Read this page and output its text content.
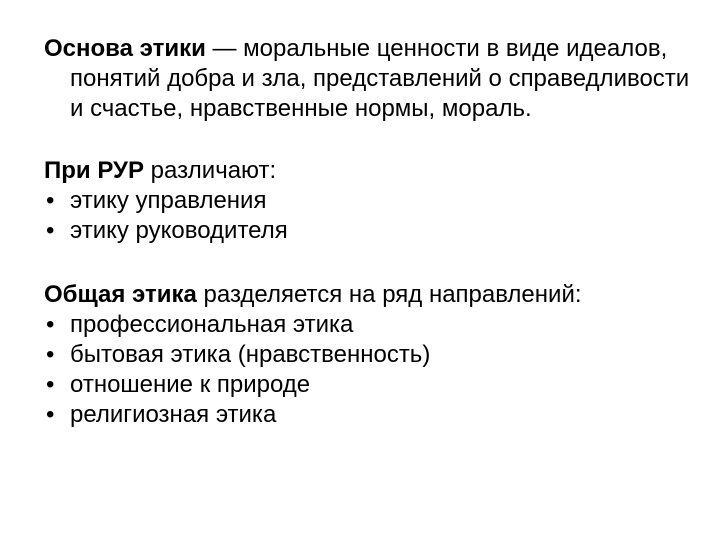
Основа этики — моральные ценности в виде идеалов, понятий добра и зла, представлений о справедливости и счастье, нравственные нормы, мораль.

При РУР различают:

• этику управления
• этику руководителя

Общая этика разделяется на ряд направлений:

• профессиональная этика
• бытовая этика (нравственность)
• отношение к природе
• религиозная этика
